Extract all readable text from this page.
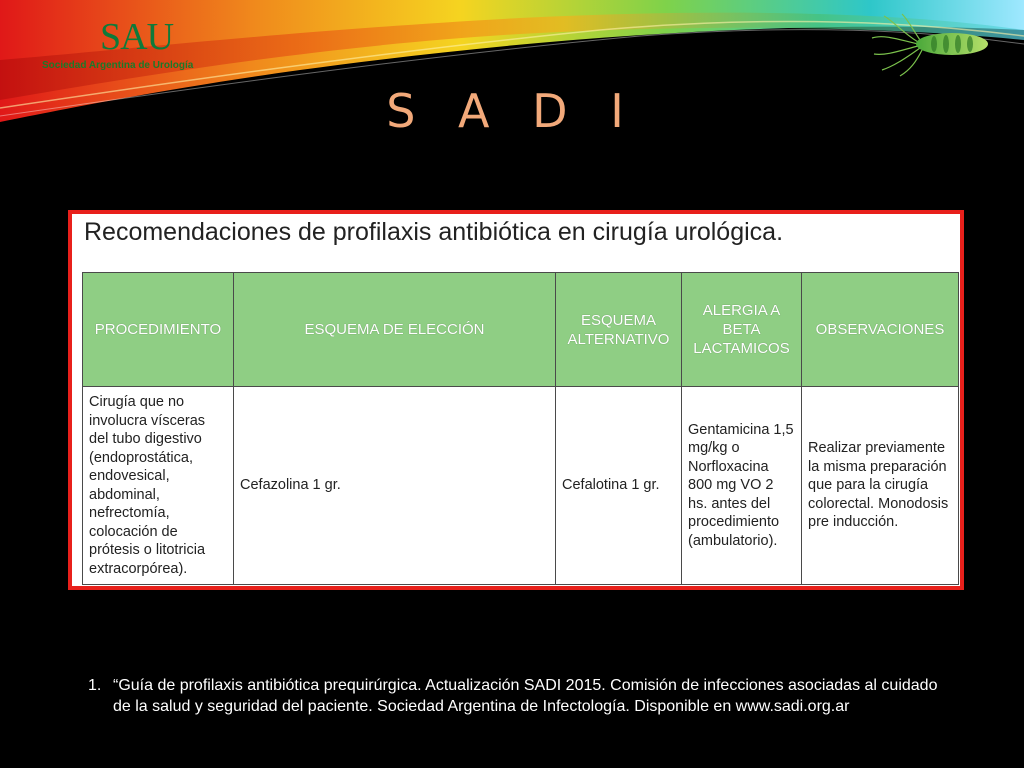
SAU
Sociedad Argentina de Urología
S A D I
Recomendaciones de profilaxis antibiótica en cirugía urológica.
PROCEDIMIENTO	ESQUEMA DE ELECCIÓN	ESQUEMA ALTERNATIVO	ALERGIA A BETA LACTAMICOS	OBSERVACIONES
Cirugía que no involucra vísceras del tubo digestivo (endoprostática, endovesical, abdominal, nefrectomía, colocación de prótesis o litotricia extracorpórea).	Cefazolina 1 gr.	Cefalotina 1 gr.	Gentamicina 1,5 mg/kg o Norfloxacina 800 mg VO 2 hs. antes del procedimiento (ambulatorio).	Realizar previamente la misma preparación que para la cirugía colorectal. Monodosis pre inducción.
1. “Guía de profilaxis antibiótica prequirúrgica. Actualización SADI 2015. Comisión de infecciones asociadas al cuidado de la salud y seguridad del paciente. Sociedad Argentina de Infectología. Disponible en www.sadi.org.ar
